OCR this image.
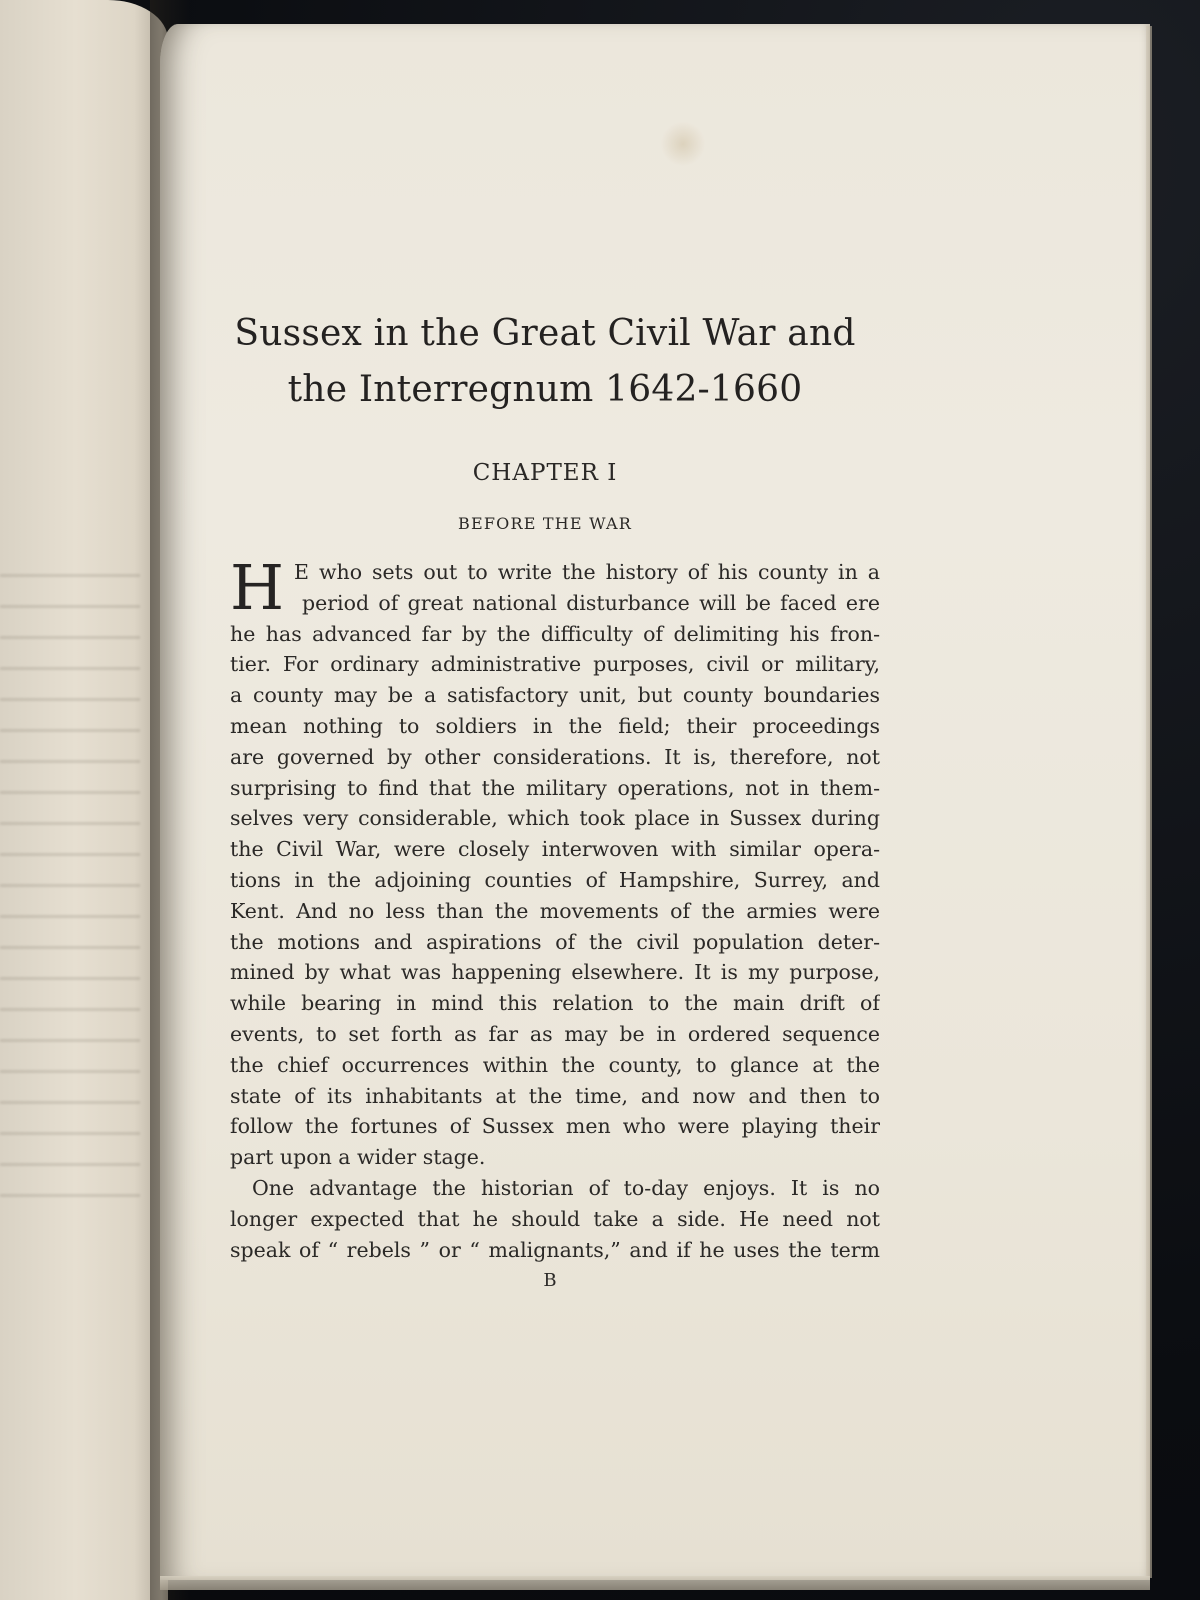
Sussex in the Great Civil War and
the Interregnum 1642-1660
CHAPTER I
BEFORE THE WAR
H E who sets out to write the history of his county in a
period of great national disturbance will be faced ere
he has advanced far by the difficulty of delimiting his fron-
tier. For ordinary administrative purposes, civil or military,
a county may be a satisfactory unit, but county boundaries
mean nothing to soldiers in the field; their proceedings
are governed by other considerations. It is, therefore, not
surprising to find that the military operations, not in them-
selves very considerable, which took place in Sussex during
the Civil War, were closely interwoven with similar opera-
tions in the adjoining counties of Hampshire, Surrey, and
Kent. And no less than the movements of the armies were
the motions and aspirations of the civil population deter-
mined by what was happening elsewhere. It is my purpose,
while bearing in mind this relation to the main drift of
events, to set forth as far as may be in ordered sequence
the chief occurrences within the county, to glance at the
state of its inhabitants at the time, and now and then to
follow the fortunes of Sussex men who were playing their
part upon a wider stage.
One advantage the historian of to-day enjoys. It is no
longer expected that he should take a side. He need not
speak of “ rebels ” or “ malignants,” and if he uses the term
B
